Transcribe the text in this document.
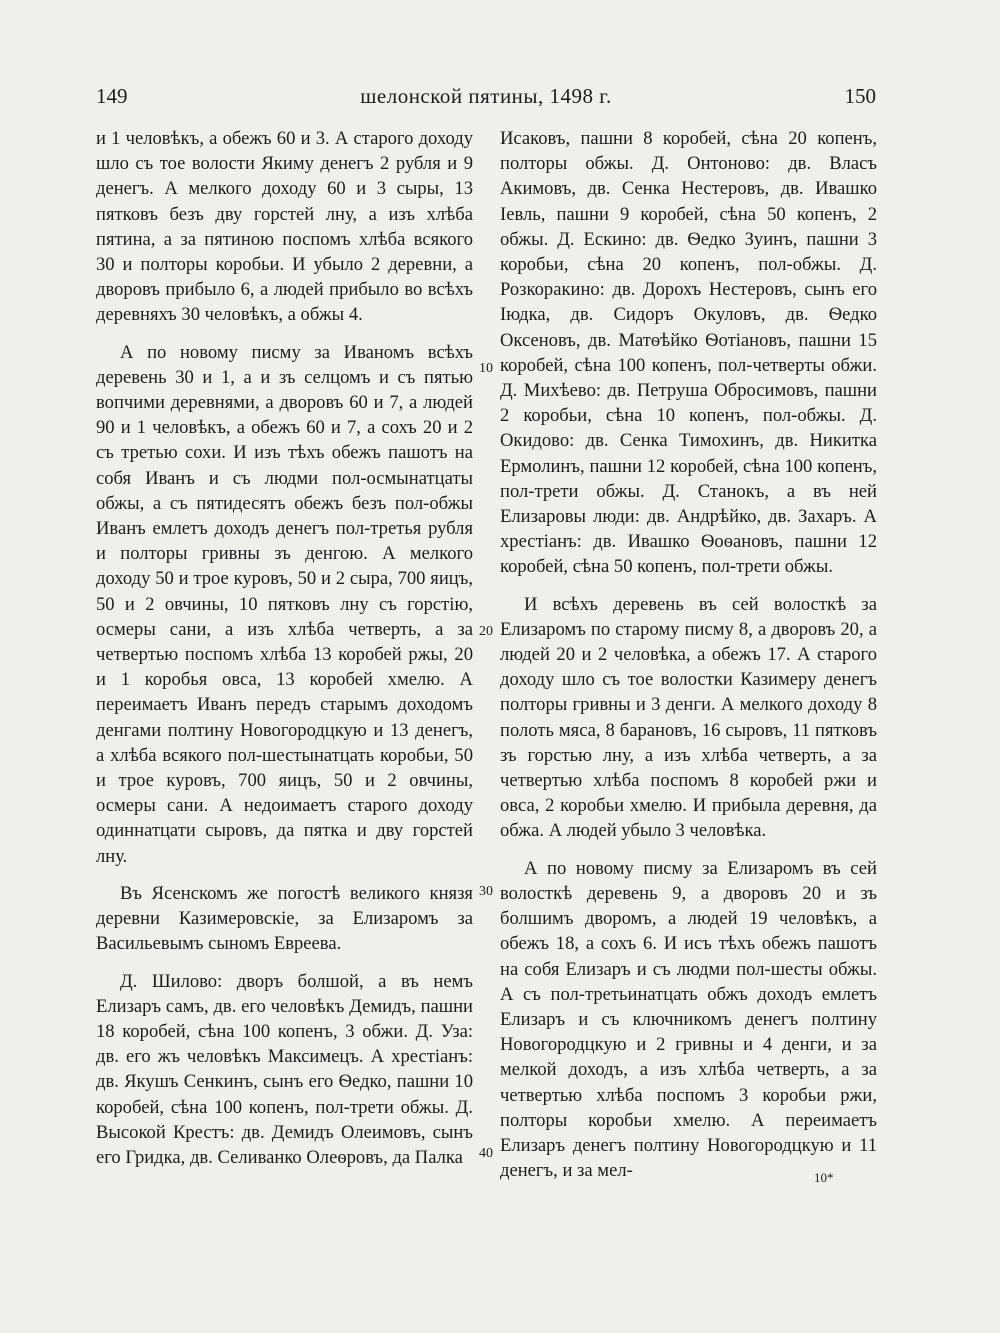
149	шелонской пятины, 1498 г.	150

и 1 человѣкъ, а обежъ 60 и 3. А старого доходу шло съ тое волости Якиму денегъ 2 рубля и 9 денегъ. А мелкого доходу 60 и 3 сыры, 13 пятковъ безъ дву горстей лну, а изъ хлѣба пятина, а за пятиною поспомъ хлѣба всякого 30 и полторы коробьи. И убыло 2 деревни, а дворовъ прибыло 6, а людей прибыло во всѣхъ деревняхъ 30 человѣкъ, а обжы 4.

А по новому писму за Иваномъ всѣхъ деревень 30 и 1, а и зъ селцомъ и съ пятью вопчими деревнями, а дворовъ 60 и 7, а людей 90 и 1 человѣкъ, а обежъ 60 и 7, а сохъ 20 и 2 съ третью сохи. И изъ тѣхъ обежъ пашотъ на собя Иванъ и съ людми пол-осмынатцаты обжы, а съ пятидесятъ обежъ безъ пол-обжы Иванъ емлетъ доходъ денегъ пол-третья рубля и полторы гривны зъ денгою. А мелкого доходу 50 и трое куровъ, 50 и 2 сыра, 700 яицъ, 50 и 2 овчины, 10 пятковъ лну съ горстію, осмеры сани, а изъ хлѣба четверть, а за четвертью поспомъ хлѣба 13 коробей ржы, 20 и 1 коробья овса, 13 коробей хмелю. А переимаетъ Иванъ передъ старымъ доходомъ денгами полтину Новогородцкую и 13 денегъ, а хлѣба всякого пол-шестынатцать коробьи, 50 и трое куровъ, 700 яицъ, 50 и 2 овчины, осмеры сани. А недоимаетъ старого доходу одиннатцати сыровъ, да пятка и дву горстей лну.

Въ Ясенскомъ же погостѣ великого князя деревни Казимеровскіе, за Елизаромъ за Васильевымъ сыномъ Евреева.

Д. Шилово: дворъ болшой, а въ немъ Елизаръ самъ, дв. его человѣкъ Демидъ, пашни 18 коробей, сѣна 100 копенъ, 3 обжи. Д. Уза: дв. его жъ человѣкъ Максимецъ. А хрестіанъ: дв. Якушъ Сенкинъ, сынъ его Ѳедко, пашни 10 коробей, сѣна 100 копенъ, пол-трети обжы. Д. Высокой Крестъ: дв. Демидъ Олеимовъ, сынъ его Гридка, дв. Селиванко Олеѳровъ, да Палка

Исаковъ, пашни 8 коробей, сѣна 20 копенъ, полторы обжы. Д. Онтоново: дв. Власъ Акимовъ, дв. Сенка Нестеровъ, дв. Ивашко Іевль, пашни 9 коробей, сѣна 50 копенъ, 2 обжы. Д. Ескино: дв. Ѳедко Зуинъ, пашни 3 коробьи, сѣна 20 копенъ, пол-обжы. Д. Розкоракино: дв. Дорохъ Нестеровъ, сынъ его Іюдка, дв. Сидоръ Окуловъ, дв. Ѳедко Оксеновъ, дв. Матѳѣйко Ѳотіановъ, пашни 15 коробей, сѣна 100 копенъ, пол-четверты обжи. Д. Михѣево: дв. Петруша Обросимовъ, пашни 2 коробьи, сѣна 10 копенъ, пол-обжы. Д. Окидово: дв. Сенка Тимохинъ, дв. Никитка Ермолинъ, пашни 12 коробей, сѣна 100 копенъ, пол-трети обжы. Д. Станокъ, а въ ней Елизаровы люди: дв. Андрѣйко, дв. Захаръ. А хрестіанъ: дв. Ивашко Ѳоѳановъ, пашни 12 коробей, сѣна 50 копенъ, пол-трети обжы.

И всѣхъ деревень въ сей волосткѣ за Елизаромъ по старому писму 8, а дворовъ 20, а людей 20 и 2 человѣка, а обежъ 17. А старого доходу шло съ тое волостки Казимеру денегъ полторы гривны и 3 денги. А мелкого доходу 8 полоть мяса, 8 барановъ, 16 сыровъ, 11 пятковъ зъ горстью лну, а изъ хлѣба четверть, а за четвертью хлѣба поспомъ 8 коробей ржи и овса, 2 коробьи хмелю. И прибыла деревня, да обжа. А людей убыло 3 человѣка.

А по новому писму за Елизаромъ въ сей волосткѣ деревень 9, а дворовъ 20 и зъ болшимъ дворомъ, а людей 19 человѣкъ, а обежъ 18, а сохъ 6. И исъ тѣхъ обежъ пашотъ на собя Елизаръ и съ людми пол-шесты обжы. А съ пол-третьинатцать обжъ доходъ емлетъ Елизаръ и съ ключникомъ денегъ полтину Новогородцкую и 2 гривны и 4 денги, и за мелкой доходъ, а изъ хлѣба четверть, а за четвертью хлѣба поспомъ 3 коробьи ржи, полторы коробьи хмелю. А переимаетъ Елизаръ денегъ полтину Новогородцкую и 11 денегъ, и за мел-

10
20
30
40
10*
